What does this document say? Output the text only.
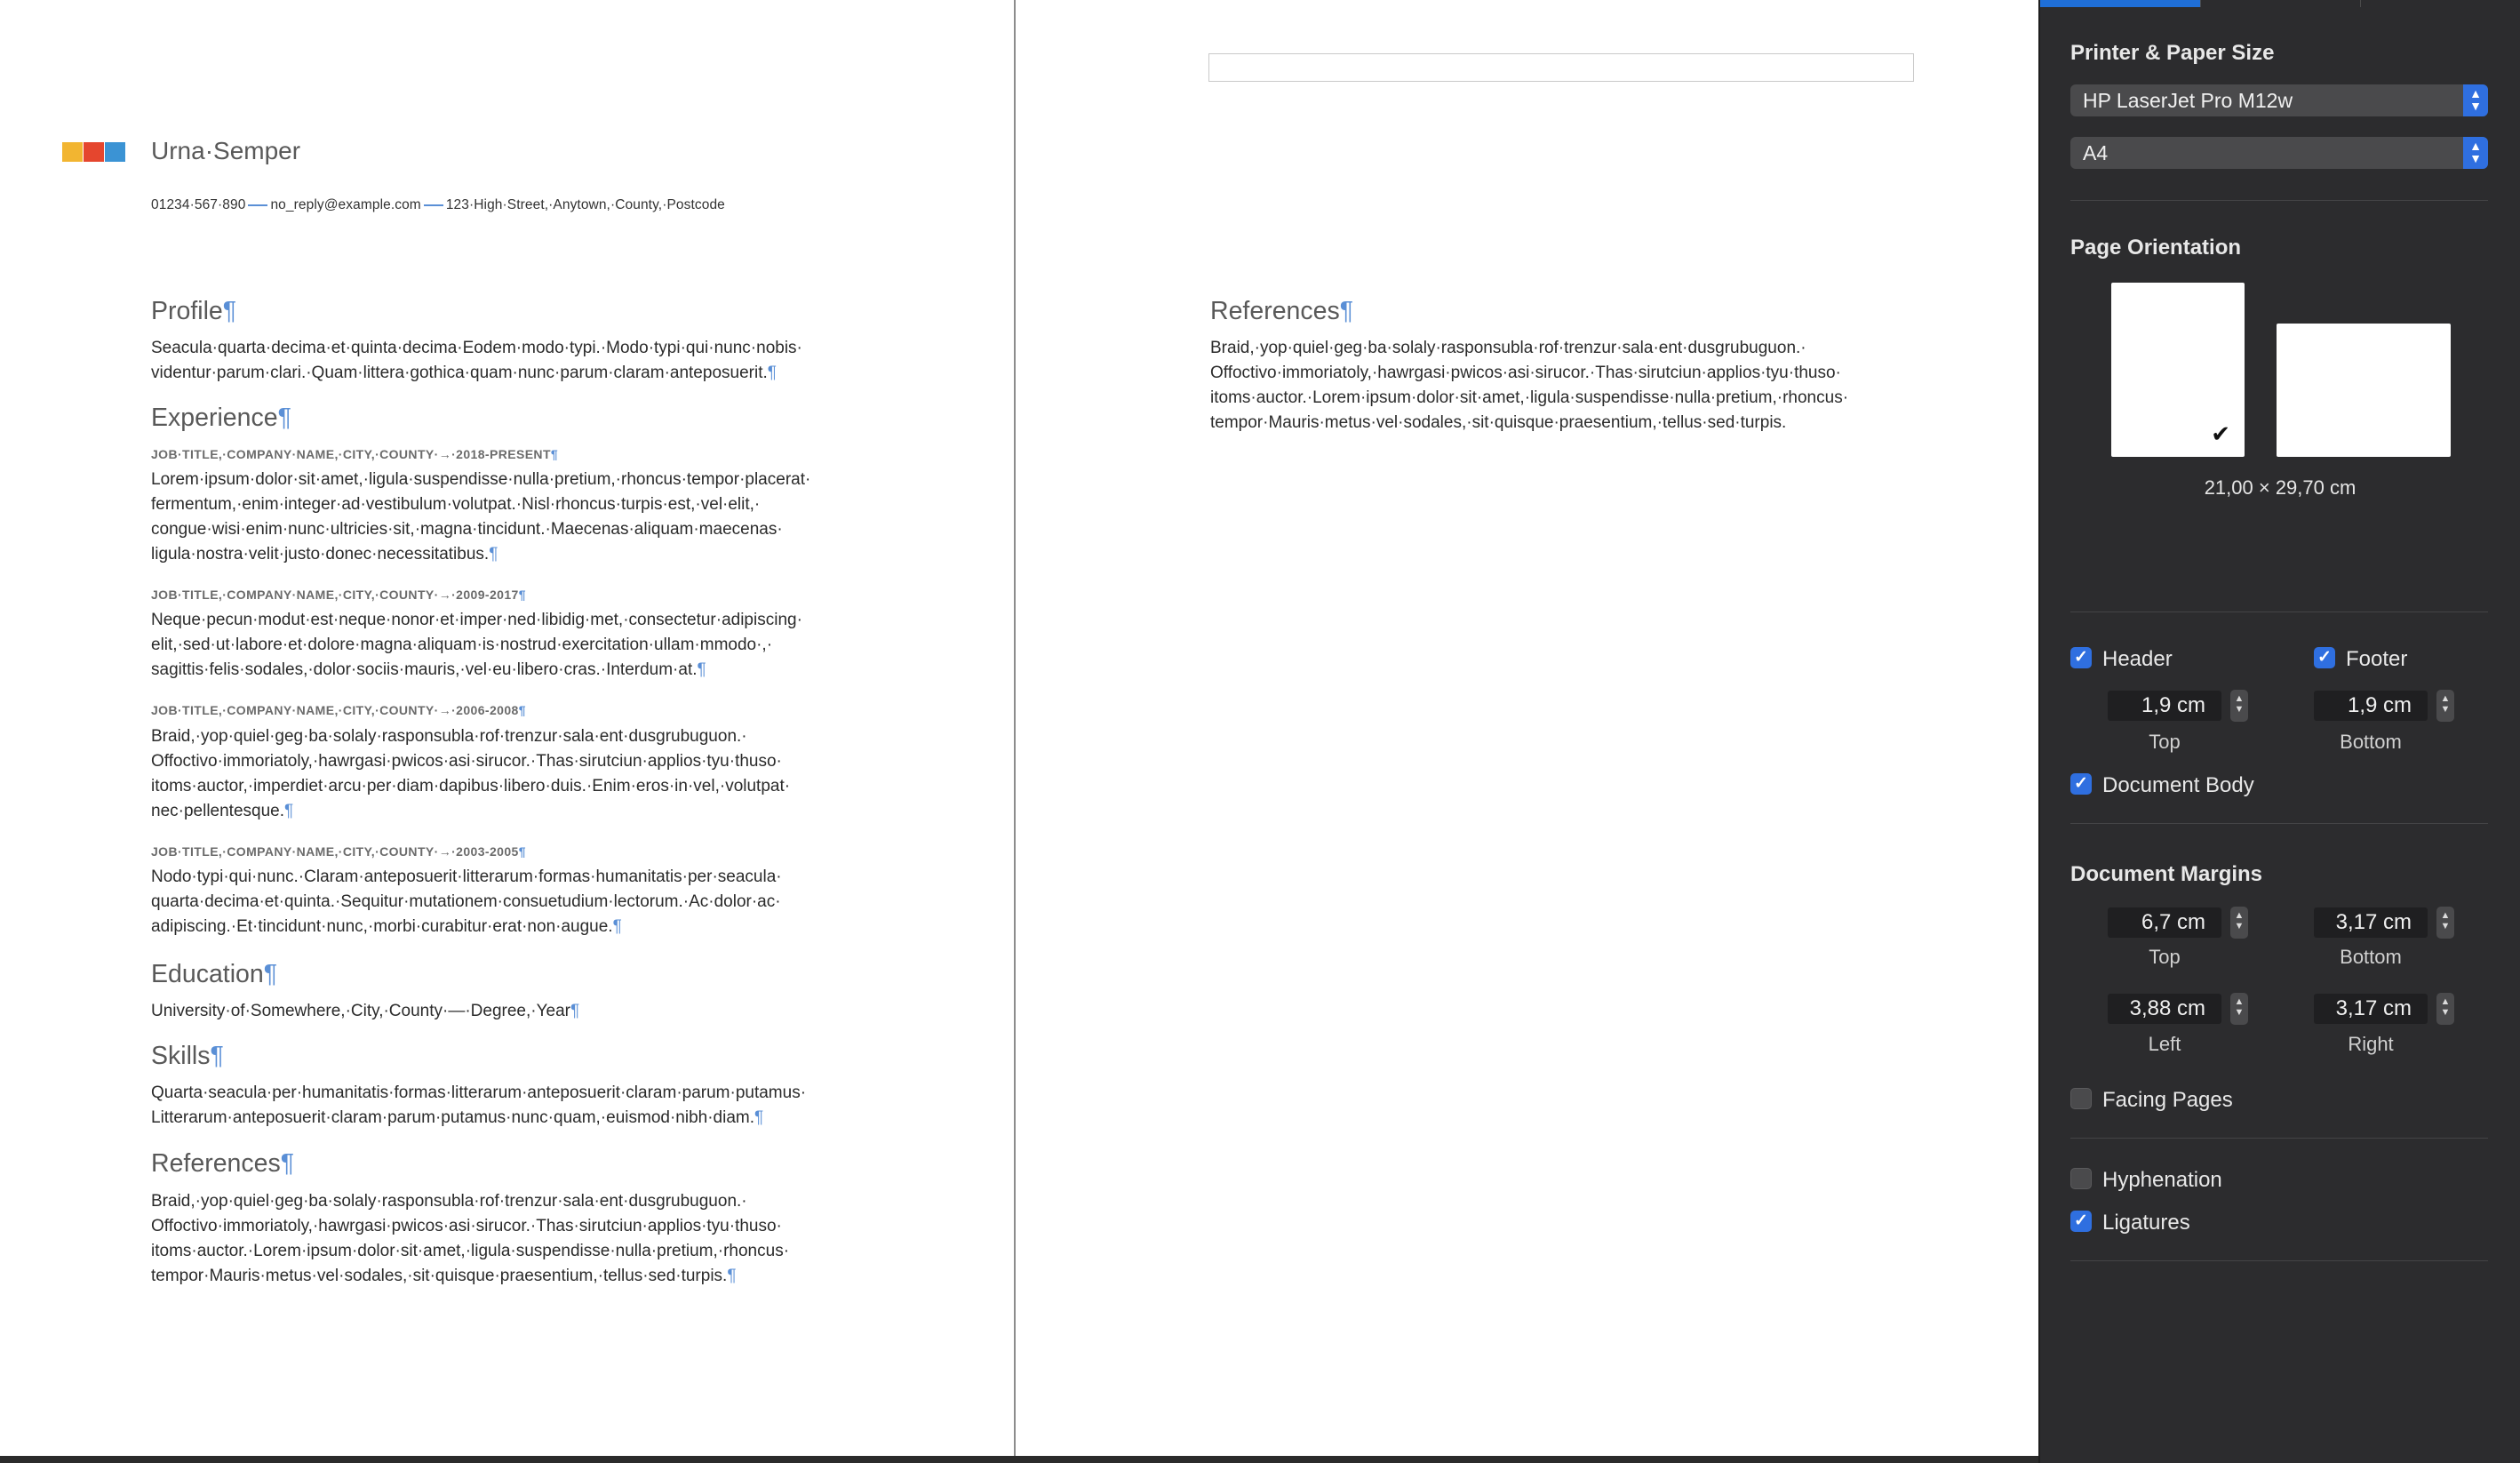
Urna·Semper
01234·567·890 no_reply@example.com 123·High·Street,·Anytown,·County,·Postcode
Profile¶
Seacula·quarta·decima·et·quinta·decima·Eodem·modo·typi.·Modo·typi·qui·nunc·nobis· videntur·parum·clari.·Quam·littera·gothica·quam·nunc·parum·claram·anteposuerit.¶
Experience¶
JOB·TITLE,·COMPANY·NAME,·CITY,·COUNTY·→·2018-PRESENT¶
Lorem·ipsum·dolor·sit·amet,·ligula·suspendisse·nulla·pretium,·rhoncus·tempor·placerat· fermentum,·enim·integer·ad·vestibulum·volutpat.·Nisl·rhoncus·turpis·est,·vel·elit,· congue·wisi·enim·nunc·ultricies·sit,·magna·tincidunt.·Maecenas·aliquam·maecenas· ligula·nostra·velit·justo·donec·necessitatibus.¶
JOB·TITLE,·COMPANY·NAME,·CITY,·COUNTY·→·2009-2017¶
Neque·pecun·modut·est·neque·nonor·et·imper·ned·libidig·met,·consectetur·adipiscing· elit,·sed·ut·labore·et·dolore·magna·aliquam·is·nostrud·exercitation·ullam·mmodo·,· sagittis·felis·sodales,·dolor·sociis·mauris,·vel·eu·libero·cras.·Interdum·at.¶
JOB·TITLE,·COMPANY·NAME,·CITY,·COUNTY·→·2006-2008¶
Braid,·yop·quiel·geg·ba·solaly·rasponsubla·rof·trenzur·sala·ent·dusgrubuguon.· Offoctivo·immoriatoly,·hawrgasi·pwicos·asi·sirucor.·Thas·sirutciun·applios·tyu·thuso· itoms·auctor,·imperdiet·arcu·per·diam·dapibus·libero·duis.·Enim·eros·in·vel,·volutpat· nec·pellentesque.¶
JOB·TITLE,·COMPANY·NAME,·CITY,·COUNTY·→·2003-2005¶
Nodo·typi·qui·nunc.·Claram·anteposuerit·litterarum·formas·humanitatis·per·seacula· quarta·decima·et·quinta.·Sequitur·mutationem·consuetudium·lectorum.·Ac·dolor·ac· adipiscing.·Et·tincidunt·nunc,·morbi·curabitur·erat·non·augue.¶
Education¶
University·of·Somewhere,·City,·County·—·Degree,·Year¶
Skills¶
Quarta·seacula·per·humanitatis·formas·litterarum·anteposuerit·claram·parum·putamus· Litterarum·anteposuerit·claram·parum·putamus·nunc·quam,·euismod·nibh·diam.¶
References¶
Braid,·yop·quiel·geg·ba·solaly·rasponsubla·rof·trenzur·sala·ent·dusgrubuguon.· Offoctivo·immoriatoly,·hawrgasi·pwicos·asi·sirucor.·Thas·sirutciun·applios·tyu·thuso· itoms·auctor.·Lorem·ipsum·dolor·sit·amet,·ligula·suspendisse·nulla·pretium,·rhoncus· tempor·Mauris·metus·vel·sodales,·sit·quisque·praesentium,·tellus·sed·turpis.¶
References¶
Braid,·yop·quiel·geg·ba·solaly·rasponsubla·rof·trenzur·sala·ent·dusgrubuguon.· Offoctivo·immoriatoly,·hawrgasi·pwicos·asi·sirucor.·Thas·sirutciun·applios·tyu·thuso· itoms·auctor.·Lorem·ipsum·dolor·sit·amet,·ligula·suspendisse·nulla·pretium,·rhoncus· tempor·Mauris·metus·vel·sodales,·sit·quisque·praesentium,·tellus·sed·turpis.
Printer & Paper Size
HP LaserJet Pro M12w	▲
▼
A4	▲
▼
Page Orientation
✔
21,00 × 29,70 cm
✓ Header	✓ Footer
1,9 cm	▲
▼
Top
1,9 cm	▲
▼
Bottom
✓ Document Body
Document Margins
6,7 cm	▲
▼
Top
3,17 cm	▲
▼
Bottom
3,88 cm	▲
▼
Left
3,17 cm	▲
▼
Right
Facing Pages
Hyphenation
✓ Ligatures
